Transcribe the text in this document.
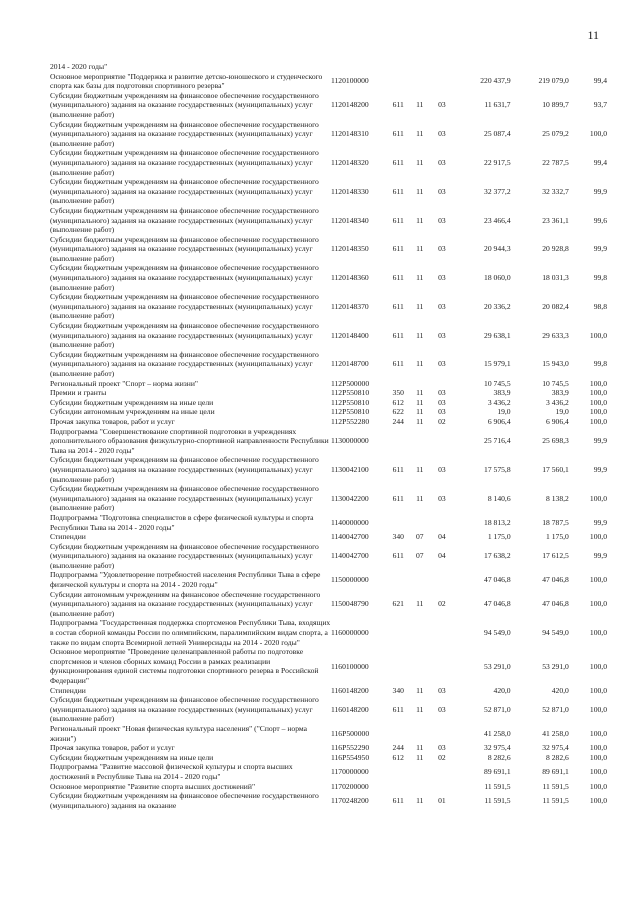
11
2014 - 2020 годы"							
Основное мероприятие "Поддержка и развитие детско-юношеского и студенческого спорта как базы для подготовки спортивного резерва"	1120100000				220 437,9	219 079,0	99,4
Субсидии бюджетным учреждениям на финансовое обеспечение государственного (муниципального) задания на оказание государственных (муниципальных) услуг (выполнение работ)	1120148200	611	11	03	11 631,7	10 899,7	93,7
Субсидии бюджетным учреждениям на финансовое обеспечение государственного (муниципального) задания на оказание государственных (муниципальных) услуг (выполнение работ)	1120148310	611	11	03	25 087,4	25 079,2	100,0
Субсидии бюджетным учреждениям на финансовое обеспечение государственного (муниципального) задания на оказание государственных (муниципальных) услуг (выполнение работ)	1120148320	611	11	03	22 917,5	22 787,5	99,4
Субсидии бюджетным учреждениям на финансовое обеспечение государственного (муниципального) задания на оказание государственных (муниципальных) услуг (выполнение работ)	1120148330	611	11	03	32 377,2	32 332,7	99,9
Субсидии бюджетным учреждениям на финансовое обеспечение государственного (муниципального) задания на оказание государственных (муниципальных) услуг (выполнение работ)	1120148340	611	11	03	23 466,4	23 361,1	99,6
Субсидии бюджетным учреждениям на финансовое обеспечение государственного (муниципального) задания на оказание государственных (муниципальных) услуг (выполнение работ)	1120148350	611	11	03	20 944,3	20 928,8	99,9
Субсидии бюджетным учреждениям на финансовое обеспечение государственного (муниципального) задания на оказание государственных (муниципальных) услуг (выполнение работ)	1120148360	611	11	03	18 060,0	18 031,3	99,8
Субсидии бюджетным учреждениям на финансовое обеспечение государственного (муниципального) задания на оказание государственных (муниципальных) услуг (выполнение работ)	1120148370	611	11	03	20 336,2	20 082,4	98,8
Субсидии бюджетным учреждениям на финансовое обеспечение государственного (муниципального) задания на оказание государственных (муниципальных) услуг (выполнение работ)	1120148400	611	11	03	29 638,1	29 633,3	100,0
Субсидии бюджетным учреждениям на финансовое обеспечение государственного (муниципального) задания на оказание государственных (муниципальных) услуг (выполнение работ)	1120148700	611	11	03	15 979,1	15 943,0	99,8
Региональный проект "Спорт – норма жизни"	112P500000				10 745,5	10 745,5	100,0
Премии и гранты	112P550810	350	11	03	383,9	383,9	100,0
Субсидии бюджетным учреждениям на иные цели	112P550810	612	11	03	3 436,2	3 436,2	100,0
Субсидии автономным учреждениям на иные цели	112P550810	622	11	03	19,0	19,0	100,0
Прочая закупка товаров, работ и услуг	112P552280	244	11	02	6 906,4	6 906,4	100,0
Подпрограмма "Совершенствование спортивной подготовки в учреждениях дополнительного образования физкультурно-спортивной направленности Республики Тыва на 2014 - 2020 годы"	1130000000				25 716,4	25 698,3	99,9
Субсидии бюджетным учреждениям на финансовое обеспечение государственного (муниципального) задания на оказание государственных (муниципальных) услуг (выполнение работ)	1130042100	611	11	03	17 575,8	17 560,1	99,9
Субсидии бюджетным учреждениям на финансовое обеспечение государственного (муниципального) задания на оказание государственных (муниципальных) услуг (выполнение работ)	1130042200	611	11	03	8 140,6	8 138,2	100,0
Подпрограмма "Подготовка специалистов в сфере физической культуры и спорта Республики Тыва на 2014 - 2020 годы"	1140000000				18 813,2	18 787,5	99,9
Стипендии	1140042700	340	07	04	1 175,0	1 175,0	100,0
Субсидии бюджетным учреждениям на финансовое обеспечение государственного (муниципального) задания на оказание государственных (муниципальных) услуг (выполнение работ)	1140042700	611	07	04	17 638,2	17 612,5	99,9
Подпрограмма "Удовлетворение потребностей населения Республики Тыва в сфере физической культуры и спорта на 2014 - 2020 годы"	1150000000				47 046,8	47 046,8	100,0
Субсидии автономным учреждениям на финансовое обеспечение государственного (муниципального) задания на оказание государственных (муниципальных) услуг (выполнение работ)	1150048790	621	11	02	47 046,8	47 046,8	100,0
Подпрограмма "Государственная поддержка спортсменов Республики Тыва, входящих в состав сборной команды России по олимпийским, паралимпийским видам спорта, а также по видам спорта Всемирной летней Универсиады на 2014 - 2020 годы"	1160000000				94 549,0	94 549,0	100,0
Основное мероприятие "Проведение целенаправленной работы по подготовке спортсменов и членов сборных команд России в рамках реализации функционирования единой системы подготовки спортивного резерва в Российской Федерации"	1160100000				53 291,0	53 291,0	100,0
Стипендии	1160148200	340	11	03	420,0	420,0	100,0
Субсидии бюджетным учреждениям на финансовое обеспечение государственного (муниципального) задания на оказание государственных (муниципальных) услуг (выполнение работ)	1160148200	611	11	03	52 871,0	52 871,0	100,0
Региональный проект "Новая физическая культура населения" ("Спорт – норма жизни")	116P500000				41 258,0	41 258,0	100,0
Прочая закупка товаров, работ и услуг	116P552290	244	11	03	32 975,4	32 975,4	100,0
Субсидии бюджетным учреждениям на иные цели	116P554950	612	11	02	8 282,6	8 282,6	100,0
Подпрограмма "Развитие массовой физической культуры и спорта высших достижений в Республике Тыва на 2014 - 2020 годы"	1170000000				89 691,1	89 691,1	100,0
Основное мероприятие "Развитие спорта высших достижений"	1170200000				11 591,5	11 591,5	100,0
Субсидии бюджетным учреждениям на финансовое обеспечение государственного (муниципального) задания на оказание	1170248200	611	11	01	11 591,5	11 591,5	100,0
